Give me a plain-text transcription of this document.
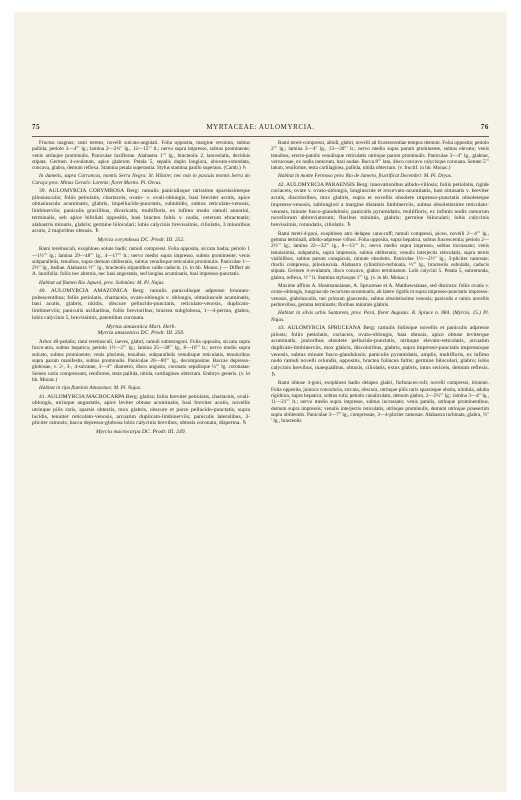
75	MYRTACEAE: AULOMYRCIA.	76

Fructus magnus; rami teretes, novelli sulcato-angulati. Folia opposita, margine revoluta, subtus pallida; petiolo 3—4′′′ lg.; lamina 2—2½′′ lg., 12—15′′′ lt.; nervo supra impresso, subtus prominente; venis utrinque prominulis. Paniculae laxiflorae. Alabastra 1′′′ lg., bracteolis 2, lanceolatis, deciduis stipata. Germen 4-ovulatum, apice glabrum. Petala 5, sepalis duplo longiora, obovato-rotundata, concava, glabra, demum reflexa. Stamina petala superantia. Stylus stamina paullo superans. (Camb.) ♄

In dumetis, supra Carrancas, montis Serra Negra: St. Hilaire; nec non in pascuis montis Serra do Caraça prov. Minas Geraës: Lorentz; floret Martio. Pl. Orcas.

39. AULOMYRCIA CORYMBOSA Berg: ramulis paniculisque rarissime sparsissimeque pilosiusculis; foliis petiolatis, chartaceis, ovato- v. ovali-oblongis, basi breviter acutis, apice obtusiusculo acuminatis, glabris, impellucido-punctatis, subnitidis, subtus reticulato-venosis, limbinerviis; paniculis gracilibus, divaricatis, multifloris, ex infimo modo ramuli annotini, terminalis, seb apice bifoliati oppositis, basi bracteo fultis v. nudis, ceterum ebracteatis; alabastris minutis, glabris; germine biloculari; lobis calycinis brevissimis, ciliolatis, 3 minoribus acutis, 2 majoribus obtusis. ♄

Myrcia corymbosa DC. Prodr. III. 252.

Rami teretiusculi, exophloeo solute badii; ramuli compressi. Folia opposita, siccata badia; petiolo 1—1½′′′ lg.; lamina 29—48′′′ lg., 4—17′′′ lt.; nervo medio supra impresso, subtus prominente; venis subparallelis, tenuibus, supra demum obliteratis, subtus venulisque reticulatis prominulis. Paniculae 1—2½′′ lg., badiae. Alabastra ½′′′ lg., bracteolis stipantibus valde caducis. (v. in hb. Monac.) — Differt ab A. laurifolia: foliis nec alternis, nec basi angustatis, sed longius acuminatis, basi impresso-punctatis.

Habitat ad flumen Rio Japurá, prov. Solimões: M. Pl. Najas.

40. AULOMYRCIA AMAZONICA Berg: ramulis paniculisque adpresse brunneo- pubescentibus; foliis petiolatis, chartaceis, ovato-oblongis v. oblongis, obtusiuscule acuminatis, basi acutis, glabris, nitidis, obscure pellucido-punctatis, reticulato-venosis, duplicato-limbinerviis; paniculis axillaribus, foliis brevioribus; bractea subglobosa, 1—4-perma, glabra, lobis calycinis 5, brevissimis, patentibus coronata.

Myrtus amazonica Mart. Herb.
Myrcia amazonica DC. Prodr. III. 250.

Arbor 40-pedalis; rami teretiusculi, laeves, glabri; ramuli subtetragoni. Folia opposita, siccata supra fusco-atra, subtus hepatica; petiolo 1½—2′′′ lg.; lamina 25—38′′′ lg., 8—16′′′ lt.; nervo medio supra sulcato, subtus prominente; venis plurimis, tenuibus, subparallelis venulisque reticulatis, tenuioribus supra parum manifestis, subtus prominulis. Paniculae 20—80′′′ lg., decompositae. Baccae depresso-globosae, v. 2-, 3-, 4-sulcatae, 3—4′′′ diametro, disco angusto, coronato sepalisque ¼′′′ lg. coronatae. Semen vario compressum, reniforme, testa pallida, nitida, cartilagineo obtectum. Embryo generis. (v. in hb. Monac.)

Habitat in ripa fluminis Amazonas: M. Pl. Najas.

41. AULOMYRCIA MACROCARPA Berg: glabra; foliis breviter petiolatis, chartaceis, ovali-oblongis, utrinque angustatis, apice leviter obtuse acuminatis, basi breviter acutis, novellis utrinque pilis raris, sparsis obtectis, mox glabris, obscure et parce pellucido-punctatis, supra lucidis, tenuiter reticulato-venosis, arcuatim duplicato-limbinerviis; paniculis lateralibus, 3-pliciter ramosis; bacca depresso-globosa lobis calycinis brevibus, obtusis coronata, disperma. ♄

Myrcia macrocarpa DC. Prodr. III. 249.

Rami tereti-compressi, albidi, glabri, novelli ad fructescentiae tempus demum. Folia opposita; petiolo 2′′′ lg.; lamina 3—4′′ lg., 13—30′′′ lt.; nervo medio supra parum prominente, subtus elevato; venis tenuibus, erecto-patulis venulisque reticulatis utrinque parum prominulis. Paniculae 3—4′′ lg., glabrae, verrucosae, ex nodis ramorum, basi nudae. Bacca 8′′′ lata, disco concavo calycisque coronata. Semen 5′′′ latum, reniforme, testa cartilaginea, pallida, nitida obtectum. (v. fructif. in hb. Monac.)

Habitat in monte Fermoso prov. Rio de Janeiro, fructificat Decembri: M. Pl. Dryas.

42. AULOMYRCIA PARAENSIS Berg: innovationibus albido-villosis; foliis petiolatis, rigide coriaceis, ovate v. ovato-oblongis, longiuscule et recurvato-acuminatis, basi obtusatis v. breviter acutis, discoloribus, mox glabris, supra et novellis obsolete impresso-punctatis obsoleteque impresso-venosis, sublongiori a margine distantis limbinerviis, subtus obsoletissime reticulato-venosis, minute fusco-glandulosis; paniculis pyramidatis, multifloris, ex infimis nodis ramorum novellorum abbreviatorum; floribus minimis, glabris; germine biloculari; lobis calycinis brevissimis, rotundatis, ciliolatis. ♄

Rami tereti-4-goni, exophloeo atro delapso cano-ruff; ramuli compressi, piceo, novelli 2—4′′′ lg., gemma terminali, albido-adpresse villosi. Folia opposita, supra hepatica, subtus fuscescentia; petiolo 2—2½′′′ lg.; lamina 22—32′′′ lg., 8—13′′′ lt.; nervo medio supra impresso, subtus incrassato; venis tenuissimis, subpatulis, supra impressis, subtus obliteratis; venulis interjectis reticulatis, supra ternis visibilibus, subtus parum conspicuis, minute obsoletis. Paniculae 1½—2½′′ lg., 3-pliciter ramosae; rhachi compressa, pilosiuscula. Alabastra cylindrico-turbinata, ⅓′′′ lg., bracteolis subulatis, caducis stipata. Germen 4-ovulatum, disco concavo, glabro terminatum. Lobi calycini 5. Petala 5, subrotunda, glabra, reflexa, ½′′′ lt. Stamina stylusque 1′′′ lg. (v. in hb. Monac.)

Maxime affinis A. Hostmannianae, A. Sprucenae et A. Matthewsianae, sed distincta: foliis ovatis v. ovato-oblongis, longiuscule recurvato-acuminatis, ab latere rigidis et supra impresso-punctatis impresso-venosis, glabriusculis, nec primum glaucentis, subtus obsoletissime venosis; paniculis e ramis novellis perbrevibus, gemma terminatis; floribus minimis glabris.

Habitat in silvis urbis Santarem, prov. Pará, floret Augusto: R. Spruce n. 884. (Myrcia, 15.) Pl. Najas.

43. AULOMYRCIA SPRUCEANA Berg: ramulis foliisque novellis et paniculis adpresse pilosis; foliis petiolatis, coriaceis, ovato-oblongis, basi obtusis, apice obtuse leviterque acuminatis, junioribus obsolete pellucido-punctatis, utrinque elevato-reticulatis, arcuatim duplicato-limbinerviis, mox glabris, discoloribus, glabris, supra impresso-punctatis impressoque venosis, subtus minute fusco-glandulosis; paniculis pyramidatis, amplis, multifloris, ex infimo nodo ramuli novelli oriundis, oppositis, bractea foliacea fultis; germine biloculari, glabro; lobis calycinis brevibus, inaequalibus, obtusis, ciliolatis, extus glabris, intus sericeis, demum reflexis. ♄

Rami obtuse 4-goni, exophloeo badio delapso glabri, furfuraceo-rufi; novelli compressi, brunnei. Folia opposita, junioca concoloria, siccata, obscura, utrinque pilis raris sparsisque obsita, nitidula, adulta rigidiora, supra hepatica, subtus rufa; petiolo canaliculato, demum glabro, 2—2½′′′ lg.; lamina 3—4′′ lg., 11—21′′′ lt.; nervo medio supra impresso, subtus incrassato; venis patulis, utrinque prominentibus, demum supra impressis; venulis interjectis reticulatis, utrinque prominulis, demum utrinque praesertim supra obliteratis. Paniculae 3—7′′ lg., compressae, 3—4-pliciter ramosae. Alabastra turbinata, glabra, ⅔′′′ lg., bracteolis
